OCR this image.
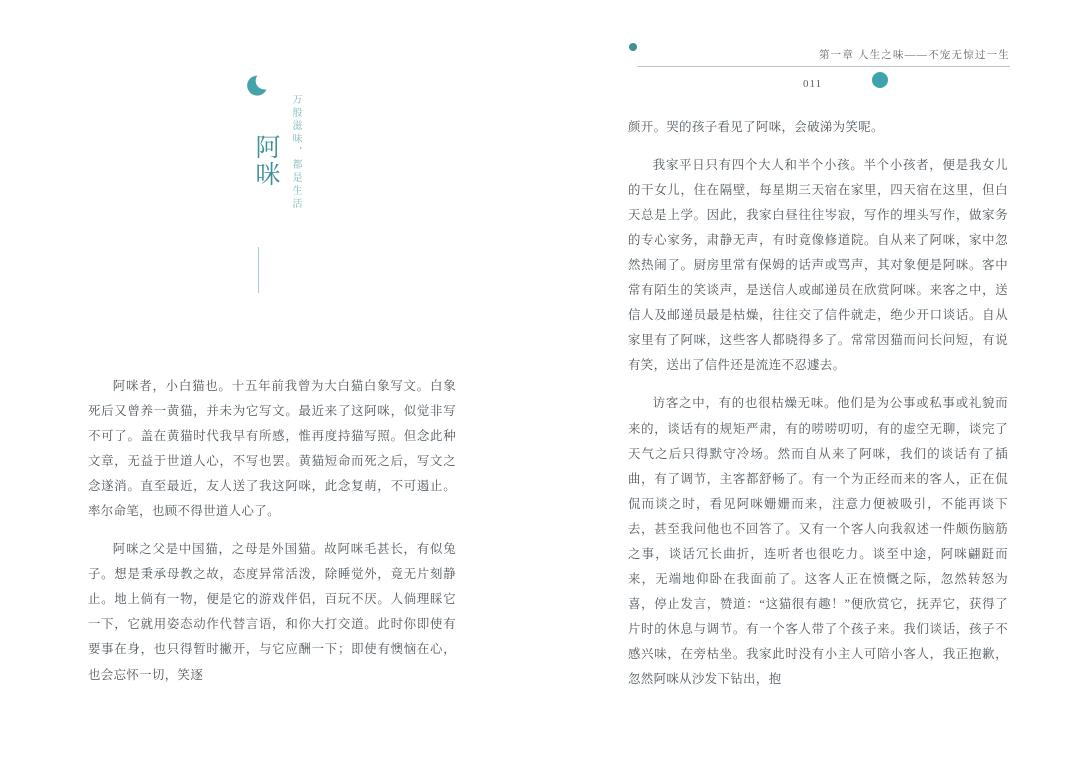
万般滋味，都是生活
阿咪

阿咪者，小白猫也。十五年前我曾为大白猫白象写文。白象死后又曾养一黄猫，并未为它写文。最近来了这阿咪，似觉非写不可了。盖在黄猫时代我早有所感，惟再度持猫写照。但念此种文章，无益于世道人心，不写也罢。黄猫短命而死之后，写文之念遂消。直至最近，友人送了我这阿咪，此念复萌，不可遏止。率尔命笔，也顾不得世道人心了。

阿咪之父是中国猫，之母是外国猫。故阿咪毛甚长，有似兔子。想是秉承母教之故，态度异常活泼，除睡觉外，竟无片刻静止。地上倘有一物，便是它的游戏伴侣，百玩不厌。人倘理睬它一下，它就用姿态动作代替言语，和你大打交道。此时你即使有要事在身，也只得暂时撇开，与它应酬一下；即使有懊恼在心，也会忘怀一切，笑逐

第一章 人生之味——不宠无惊过一生
011

颜开。哭的孩子看见了阿咪，会破涕为笑呢。

我家平日只有四个大人和半个小孩。半个小孩者，便是我女儿的干女儿，住在隔壁，每星期三天宿在家里，四天宿在这里，但白天总是上学。因此，我家白昼往往岑寂，写作的埋头写作，做家务的专心家务，肃静无声，有时竟像修道院。自从来了阿咪，家中忽然热闹了。厨房里常有保姆的话声或骂声，其对象便是阿咪。客中常有陌生的笑谈声，是送信人或邮递员在欣赏阿咪。来客之中，送信人及邮递员最是枯燥，往往交了信件就走，绝少开口谈话。自从家里有了阿咪，这些客人都晓得多了。常常因猫而问长问短，有说有笑，送出了信件还是流连不忍遽去。

访客之中，有的也很枯燥无味。他们是为公事或私事或礼貌而来的，谈话有的规矩严肃，有的唠唠叨叨，有的虚空无聊，谈完了天气之后只得默守冷场。然而自从来了阿咪，我们的谈话有了插曲，有了调节，主客都舒畅了。有一个为正经而来的客人，正在侃侃而谈之时，看见阿咪姗姗而来，注意力便被吸引，不能再谈下去，甚至我问他也不回答了。又有一个客人向我叙述一件颇伤脑筋之事，谈话冗长曲折，连听者也很吃力。谈至中途，阿咪翩跹而来，无端地仰卧在我面前了。这客人正在愤慨之际，忽然转怒为喜，停止发言，赞道：“这猫很有趣！”便欣赏它，抚弄它，获得了片时的休息与调节。有一个客人带了个孩子来。我们谈话，孩子不感兴味，在旁枯坐。我家此时没有小主人可陪小客人，我正抱歉，忽然阿咪从沙发下钻出，抱
